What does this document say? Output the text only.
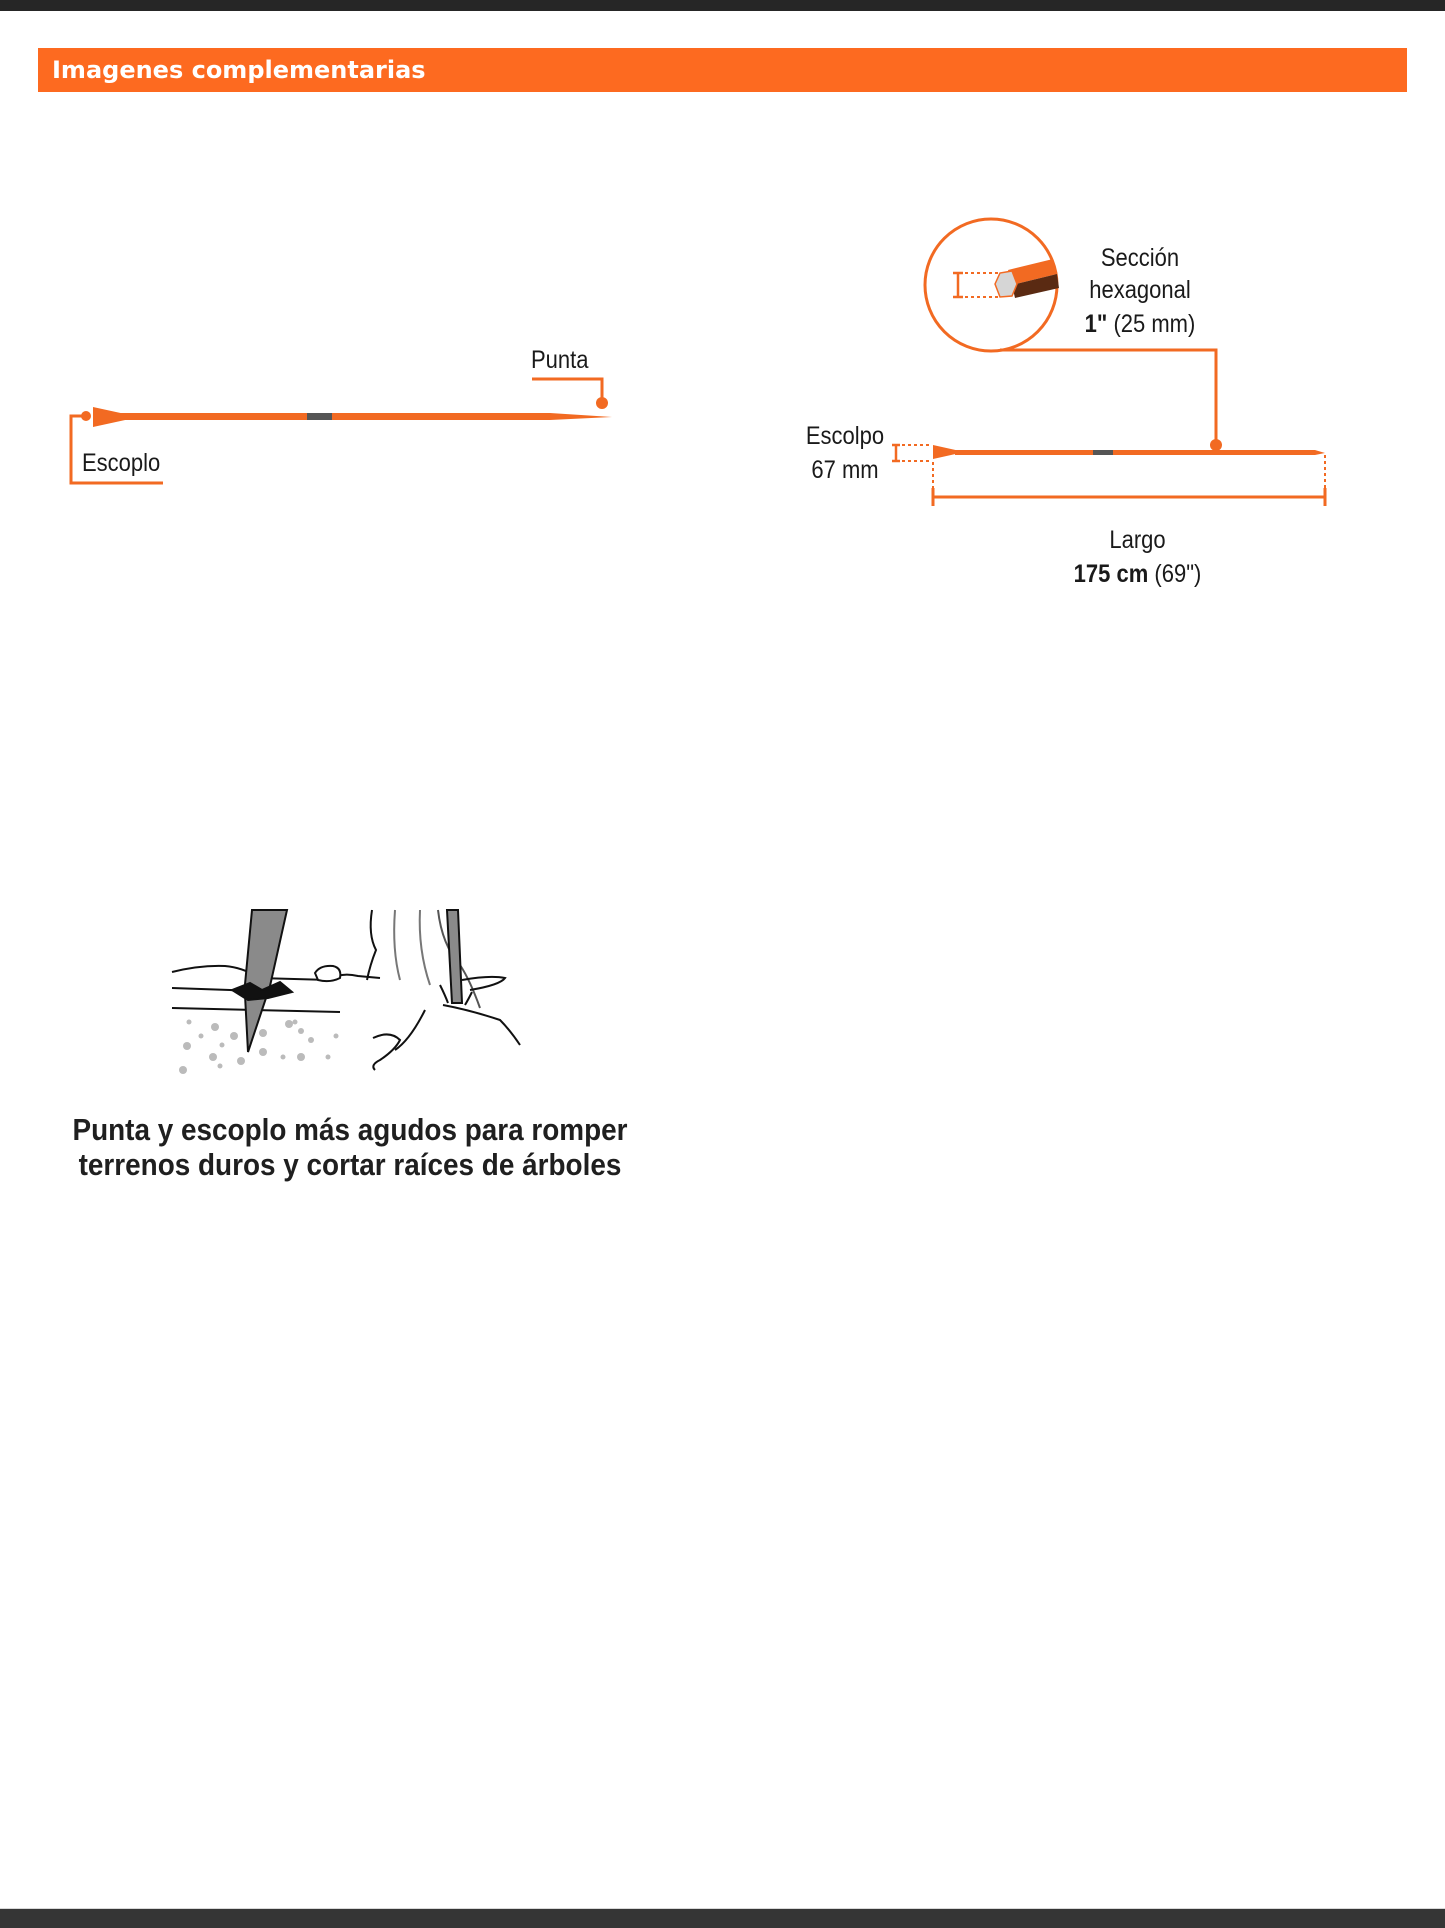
Imagenes complementarias
Punta
Escoplo
Sección
hexagonal
1" (25 mm)
Escolpo
67 mm
Largo
175 cm (69")
Punta y escoplo más agudos para romper
terrenos duros y cortar raíces de árboles
